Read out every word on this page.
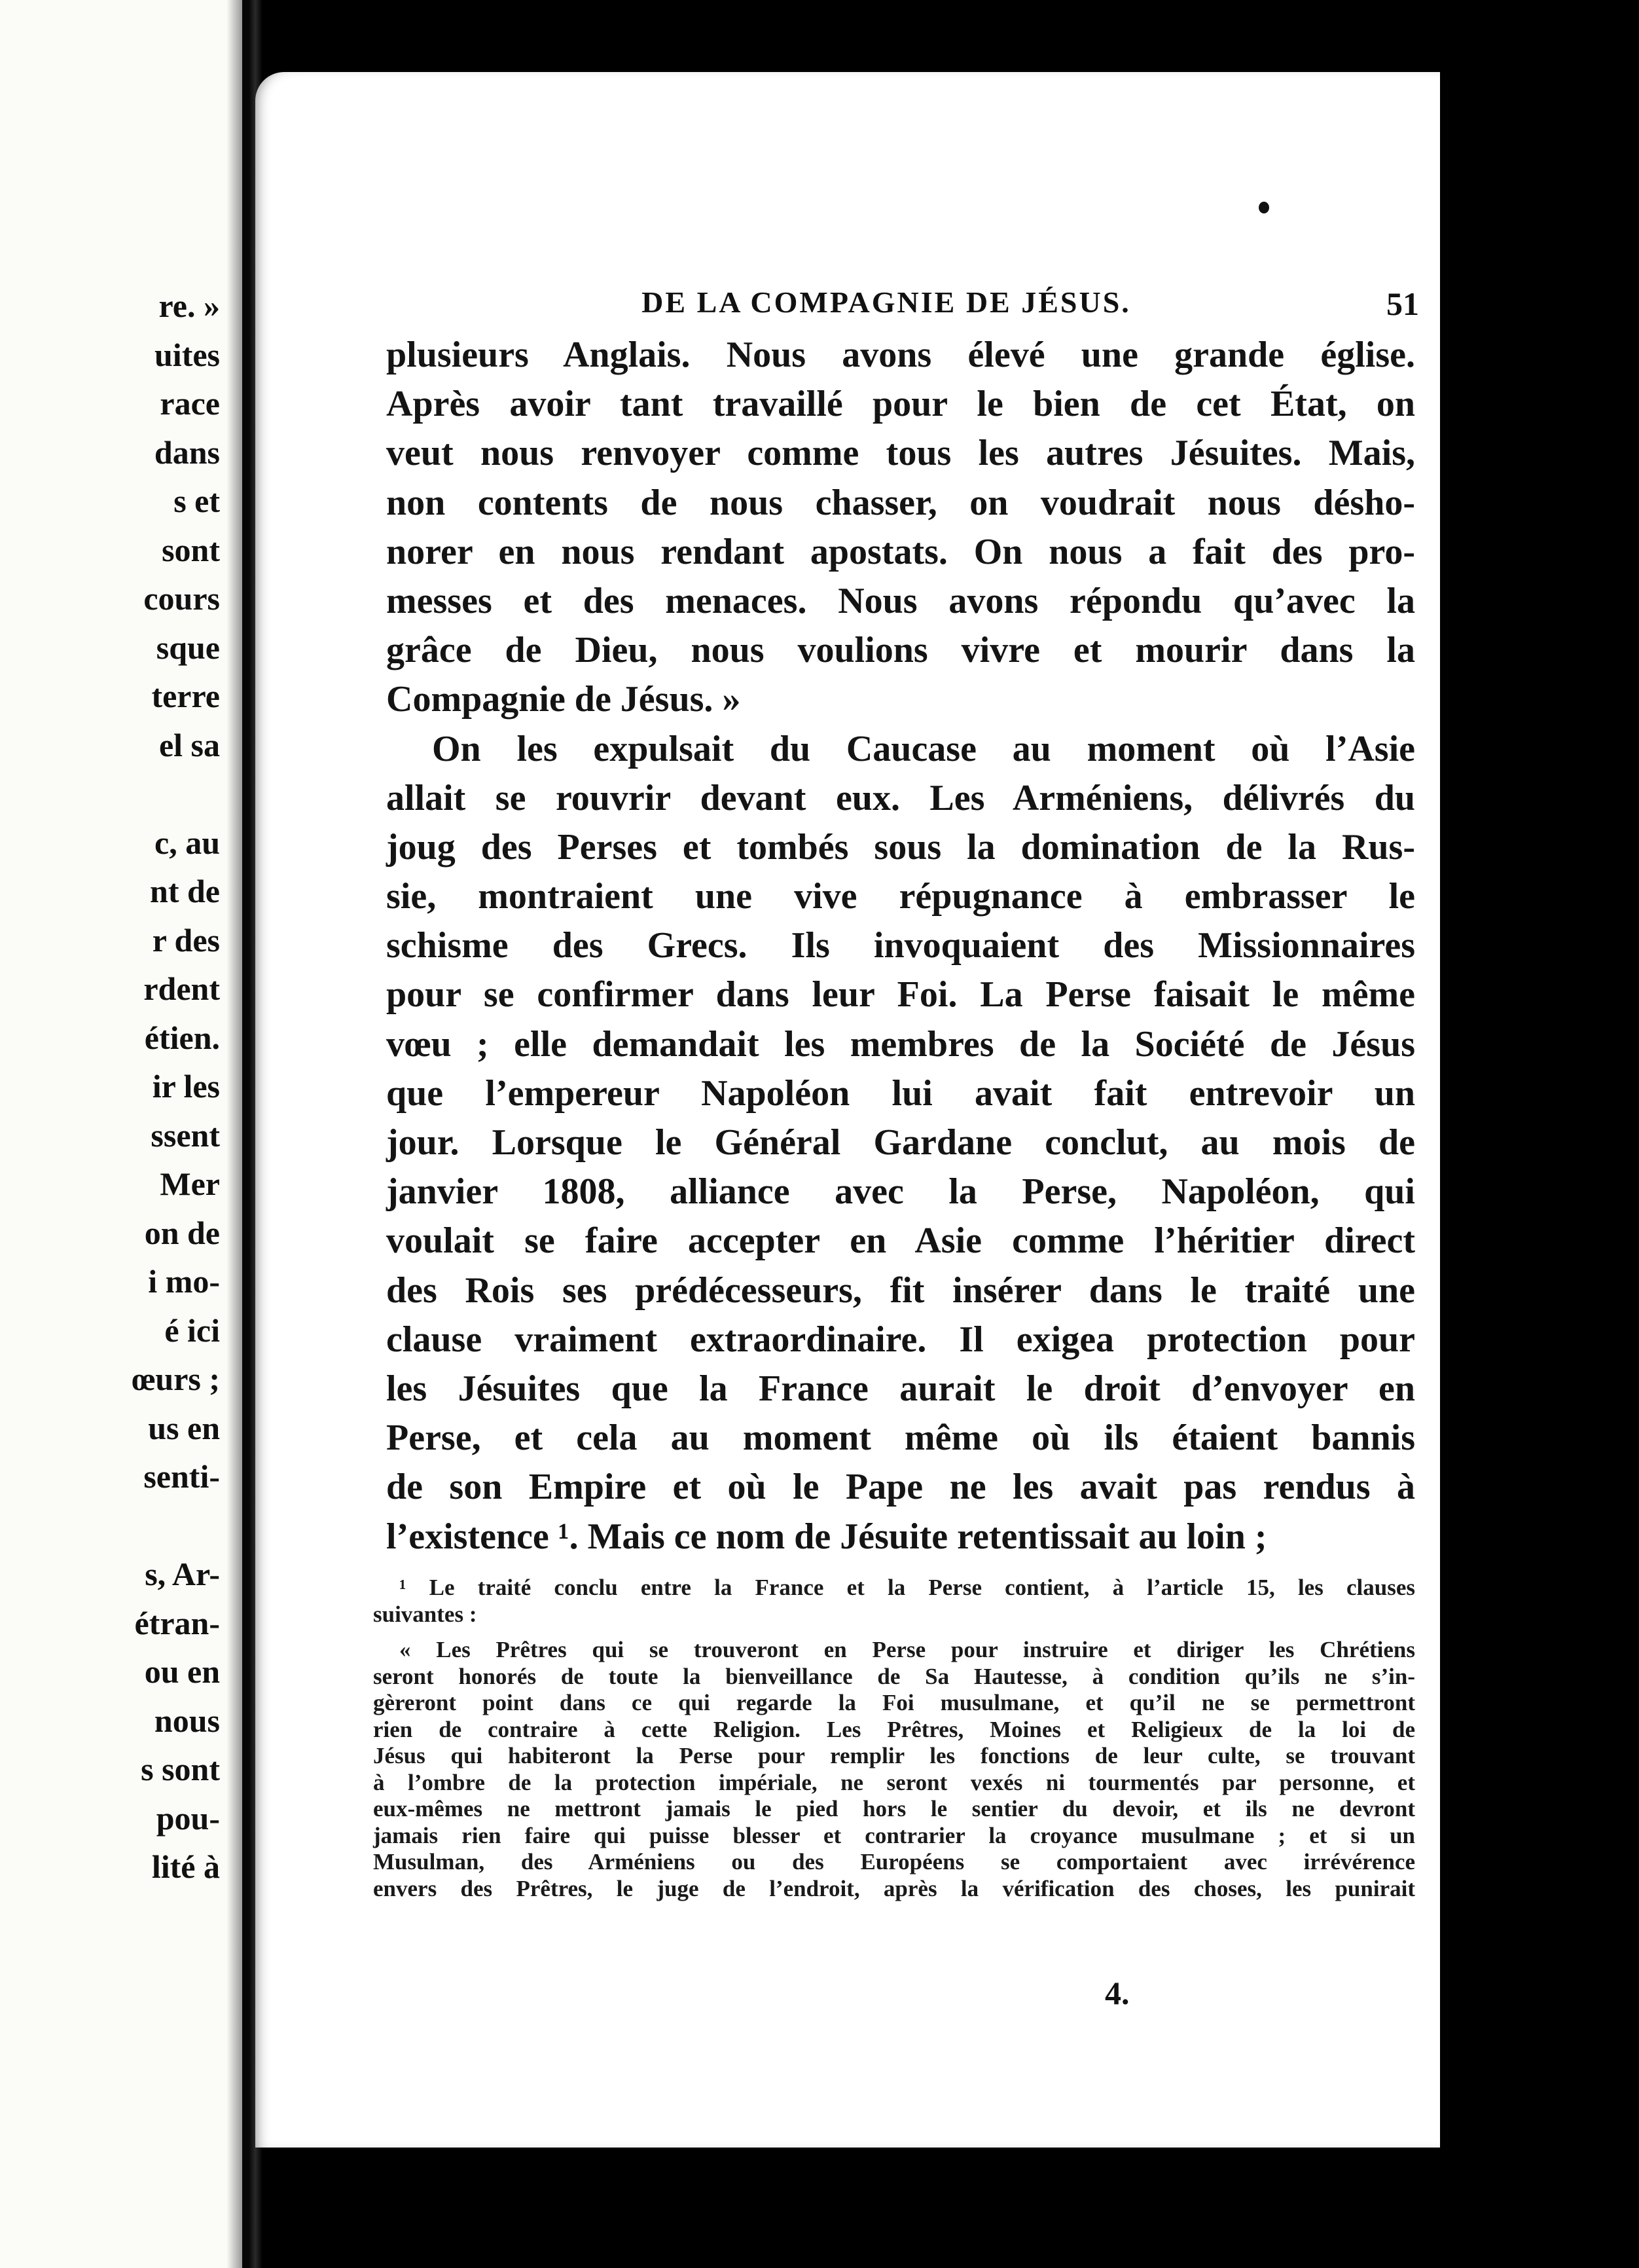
re. »
uites
race
dans
s et
sont
cours
sque
terre
el sa
c, au
nt de
r des
rdent
étien.
ir les
ssent
Mer
on de
i mo-
é ici
œurs ;
us en
senti-
s, Ar-
étran-
ou en
nous
s sont
pou-
lité à
DE LA COMPAGNIE DE JÉSUS.	51
plusieurs Anglais. Nous avons élevé une grande église.
Après avoir tant travaillé pour le bien de cet État, on
veut nous renvoyer comme tous les autres Jésuites. Mais,
non contents de nous chasser, on voudrait nous désho-
norer en nous rendant apostats. On nous a fait des pro-
messes et des menaces. Nous avons répondu qu’avec la
grâce de Dieu, nous voulions vivre et mourir dans la
Compagnie de Jésus. »
On les expulsait du Caucase au moment où l’Asie
allait se rouvrir devant eux. Les Arméniens, délivrés du
joug des Perses et tombés sous la domination de la Rus-
sie, montraient une vive répugnance à embrasser le
schisme des Grecs. Ils invoquaient des Missionnaires
pour se confirmer dans leur Foi. La Perse faisait le même
vœu ; elle demandait les membres de la Société de Jésus
que l’empereur Napoléon lui avait fait entrevoir un
jour. Lorsque le Général Gardane conclut, au mois de
janvier 1808, alliance avec la Perse, Napoléon, qui
voulait se faire accepter en Asie comme l’héritier direct
des Rois ses prédécesseurs, fit insérer dans le traité une
clause vraiment extraordinaire. Il exigea protection pour
les Jésuites que la France aurait le droit d’envoyer en
Perse, et cela au moment même où ils étaient bannis
de son Empire et où le Pape ne les avait pas rendus à
l’existence ¹. Mais ce nom de Jésuite retentissait au loin ;
¹ Le traité conclu entre la France et la Perse contient, à l’article 15, les clauses
suivantes :
« Les Prêtres qui se trouveront en Perse pour instruire et diriger les Chrétiens
seront honorés de toute la bienveillance de Sa Hautesse, à condition qu’ils ne s’in-
gèreront point dans ce qui regarde la Foi musulmane, et qu’il ne se permettront
rien de contraire à cette Religion. Les Prêtres, Moines et Religieux de la loi de
Jésus qui habiteront la Perse pour remplir les fonctions de leur culte, se trouvant
à l’ombre de la protection impériale, ne seront vexés ni tourmentés par personne, et
eux-mêmes ne mettront jamais le pied hors le sentier du devoir, et ils ne devront
jamais rien faire qui puisse blesser et contrarier la croyance musulmane ; et si un
Musulman, des Arméniens ou des Européens se comportaient avec irrévérence
envers des Prêtres, le juge de l’endroit, après la vérification des choses, les punirait
4.
